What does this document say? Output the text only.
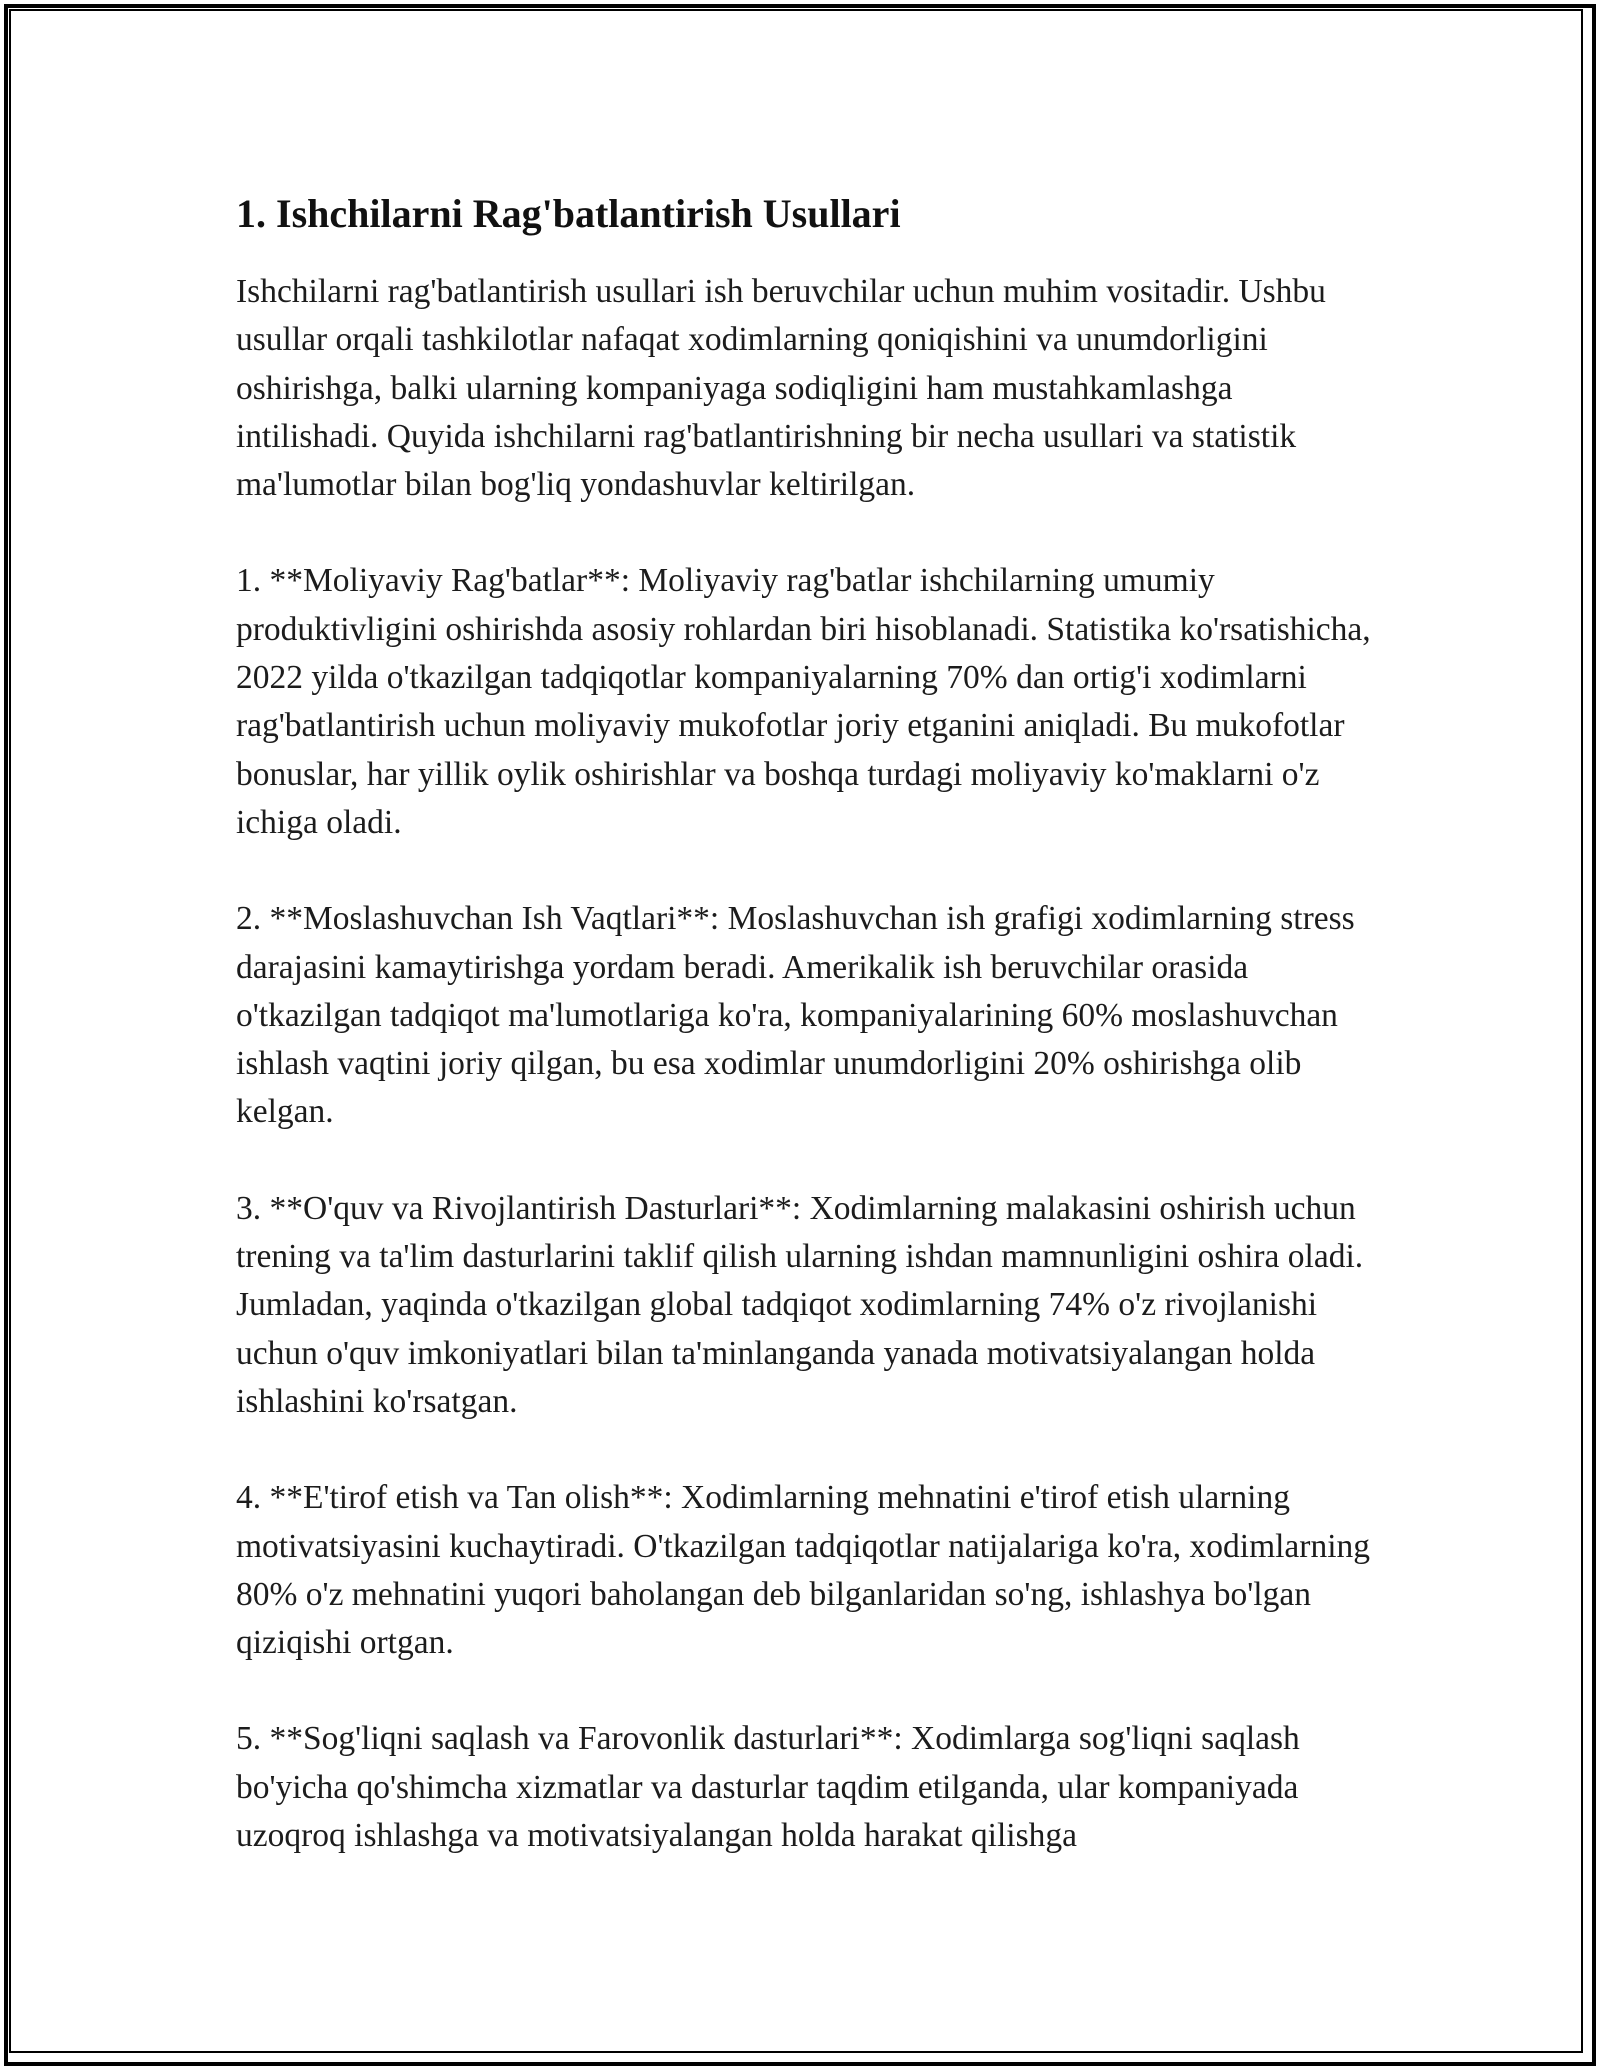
1. Ishchilarni Rag'batlantirish Usullari

Ishchilarni rag'batlantirish usullari ish beruvchilar uchun muhim vositadir. Ushbu usullar orqali tashkilotlar nafaqat xodimlarning qoniqishini va unumdorligini oshirishga, balki ularning kompaniyaga sodiqligini ham mustahkamlashga intilishadi. Quyida ishchilarni rag'batlantirishning bir necha usullari va statistik ma'lumotlar bilan bog'liq yondashuvlar keltirilgan.

1. **Moliyaviy Rag'batlar**: Moliyaviy rag'batlar ishchilarning umumiy produktivligini oshirishda asosiy rohlardan biri hisoblanadi. Statistika ko'rsatishicha, 2022 yilda o'tkazilgan tadqiqotlar kompaniyalarning 70% dan ortig'i xodimlarni rag'batlantirish uchun moliyaviy mukofotlar joriy etganini aniqladi. Bu mukofotlar bonuslar, har yillik oylik oshirishlar va boshqa turdagi moliyaviy ko'maklarni o'z ichiga oladi.

2. **Moslashuvchan Ish Vaqtlari**: Moslashuvchan ish grafigi xodimlarning stress darajasini kamaytirishga yordam beradi. Amerikalik ish beruvchilar orasida o'tkazilgan tadqiqot ma'lumotlariga ko'ra, kompaniyalarining 60% moslashuvchan ishlash vaqtini joriy qilgan, bu esa xodimlar unumdorligini 20% oshirishga olib kelgan.

3. **O'quv va Rivojlantirish Dasturlari**: Xodimlarning malakasini oshirish uchun trening va ta'lim dasturlarini taklif qilish ularning ishdan mamnunligini oshira oladi. Jumladan, yaqinda o'tkazilgan global tadqiqot xodimlarning 74% o'z rivojlanishi uchun o'quv imkoniyatlari bilan ta'minlanganda yanada motivatsiyalangan holda ishlashini ko'rsatgan.

4. **E'tirof etish va Tan olish**: Xodimlarning mehnatini e'tirof etish ularning motivatsiyasini kuchaytiradi. O'tkazilgan tadqiqotlar natijalariga ko'ra, xodimlarning 80% o'z mehnatini yuqori baholangan deb bilganlaridan so'ng, ishlashya bo'lgan qiziqishi ortgan.

5. **Sog'liqni saqlash va Farovonlik dasturlari**: Xodimlarga sog'liqni saqlash bo'yicha qo'shimcha xizmatlar va dasturlar taqdim etilganda, ular kompaniyada uzoqroq ishlashga va motivatsiyalangan holda harakat qilishga
